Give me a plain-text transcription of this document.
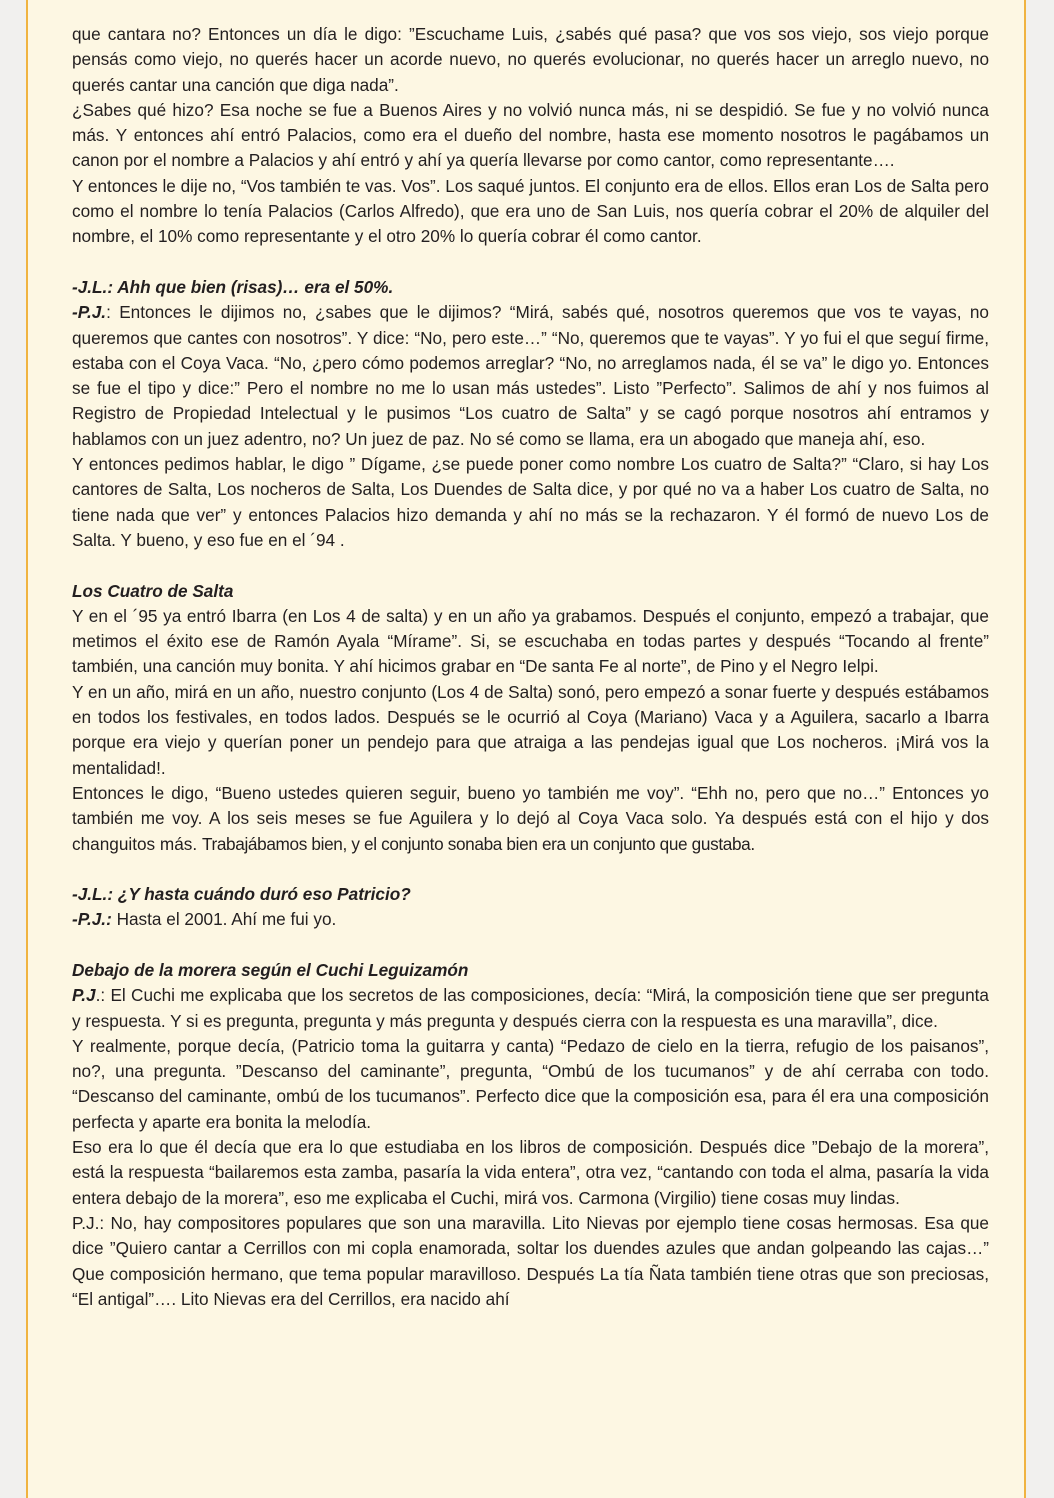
que cantara no? Entonces un día le digo: ”Escuchame Luis, ¿sabés qué pasa? que vos sos viejo, sos viejo porque pensás como viejo, no querés hacer un acorde nuevo, no querés evolucionar, no querés hacer un arreglo nuevo, no querés cantar una canción que diga nada”.

¿Sabes qué hizo? Esa noche se fue a Buenos Aires y no volvió nunca más, ni se despidió. Se fue y no volvió nunca más. Y entonces ahí entró Palacios, como era el dueño del nombre, hasta ese momento nosotros le pagábamos un canon por el nombre a Palacios y ahí entró y ahí ya quería llevarse por como cantor, como representante….

Y entonces le dije no, “Vos también te vas. Vos”. Los saqué juntos. El conjunto era de ellos. Ellos eran Los de Salta pero como el nombre lo tenía Palacios (Carlos Alfredo), que era uno de San Luis, nos quería cobrar el 20% de alquiler del nombre, el 10% como representante y el otro 20% lo quería cobrar él como cantor.

-J.L.: Ahh que bien (risas)… era el 50%.

-P.J.: Entonces le dijimos no, ¿sabes que le dijimos? “Mirá, sabés qué, nosotros queremos que vos te vayas, no queremos que cantes con nosotros”. Y dice: “No, pero este…” “No, queremos que te vayas”. Y yo fui el que seguí firme, estaba con el Coya Vaca. “No, ¿pero cómo podemos arreglar? “No, no arreglamos nada, él se va” le digo yo. Entonces se fue el tipo y dice:” Pero el nombre no me lo usan más ustedes”. Listo ”Perfecto”. Salimos de ahí y nos fuimos al Registro de Propiedad Intelectual y le pusimos “Los cuatro de Salta” y se cagó porque nosotros ahí entramos y hablamos con un juez adentro, no? Un juez de paz. No sé como se llama, era un abogado que maneja ahí, eso.

Y entonces pedimos hablar, le digo ” Dígame, ¿se puede poner como nombre Los cuatro de Salta?” “Claro, si hay Los cantores de Salta, Los nocheros de Salta, Los Duendes de Salta dice, y por qué no va a haber Los cuatro de Salta, no tiene nada que ver” y entonces Palacios hizo demanda y ahí no más se la rechazaron. Y él formó de nuevo Los de Salta. Y bueno, y eso fue en el ´94 .

Los Cuatro de Salta

Y en el ´95 ya entró Ibarra (en Los 4 de salta) y en un año ya grabamos. Después el conjunto, empezó a trabajar, que metimos el éxito ese de Ramón Ayala “Mírame”. Si, se escuchaba en todas partes y después “Tocando al frente” también, una canción muy bonita. Y ahí hicimos grabar en “De santa Fe al norte”, de Pino y el Negro Ielpi.

Y en un año, mirá en un año, nuestro conjunto (Los 4 de Salta) sonó, pero empezó a sonar fuerte y después estábamos en todos los festivales, en todos lados. Después se le ocurrió al Coya (Mariano) Vaca y a Aguilera, sacarlo a Ibarra porque era viejo y querían poner un pendejo para que atraiga a las pendejas igual que Los nocheros. ¡Mirá vos la mentalidad!.

Entonces le digo, “Bueno ustedes quieren seguir, bueno yo también me voy”. “Ehh no, pero que no…” Entonces yo también me voy. A los seis meses se fue Aguilera y lo dejó al Coya Vaca solo. Ya después está con el hijo y dos changuitos más. Trabajábamos bien, y el conjunto sonaba bien era un conjunto que gustaba.

-J.L.: ¿Y hasta cuándo duró eso Patricio?

-P.J.: Hasta el 2001. Ahí me fui yo.

Debajo de la morera según el Cuchi Leguizamón

P.J.: El Cuchi me explicaba que los secretos de las composiciones, decía: “Mirá, la composición tiene que ser pregunta y respuesta. Y si es pregunta, pregunta y más pregunta y después cierra con la respuesta es una maravilla”, dice.

Y realmente, porque decía, (Patricio toma la guitarra y canta) “Pedazo de cielo en la tierra, refugio de los paisanos”, no?, una pregunta. ”Descanso del caminante”, pregunta, “Ombú de los tucumanos” y de ahí cerraba con todo. “Descanso del caminante, ombú de los tucumanos”. Perfecto dice que la composición esa, para él era una composición perfecta y aparte era bonita la melodía.

Eso era lo que él decía que era lo que estudiaba en los libros de composición. Después dice ”Debajo de la morera”, está la respuesta “bailaremos esta zamba, pasaría la vida entera”, otra vez, “cantando con toda el alma, pasaría la vida entera debajo de la morera”, eso me explicaba el Cuchi, mirá vos. Carmona (Virgilio) tiene cosas muy lindas.

P.J.: No, hay compositores populares que son una maravilla. Lito Nievas por ejemplo tiene cosas hermosas. Esa que dice ”Quiero cantar a Cerrillos con mi copla enamorada, soltar los duendes azules que andan golpeando las cajas…” Que composición hermano, que tema popular maravilloso. Después La tía Ñata también tiene otras que son preciosas, “El antigal”…. Lito Nievas era del Cerrillos, era nacido ahí
